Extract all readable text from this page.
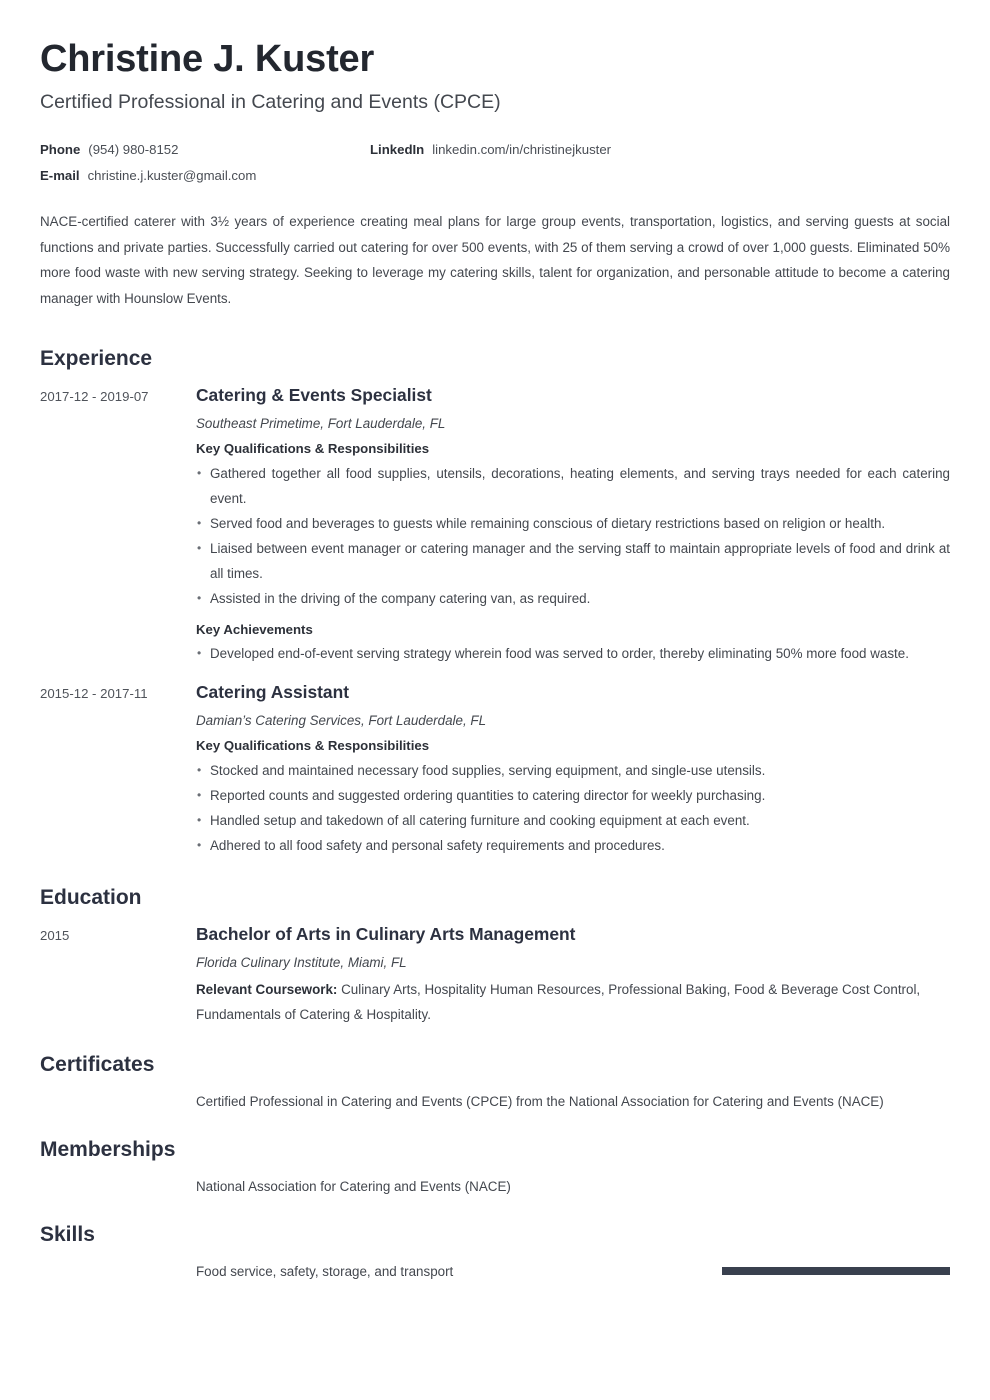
Christine J. Kuster
Certified Professional in Catering and Events (CPCE)
Phone (954) 980-8152	LinkedIn linkedin.com/in/christinejkuster
E-mail christine.j.kuster@gmail.com

NACE-certified caterer with 3½ years of experience creating meal plans for large group events, transportation, logistics, and serving guests at social functions and private parties. Successfully carried out catering for over 500 events, with 25 of them serving a crowd of over 1,000 guests. Eliminated 50% more food waste with new serving strategy. Seeking to leverage my catering skills, talent for organization, and personable attitude to become a catering manager with Hounslow Events.

Experience
2017-12 - 2019-07	Catering & Events Specialist
Southeast Primetime, Fort Lauderdale, FL
Key Qualifications & Responsibilities
• Gathered together all food supplies, utensils, decorations, heating elements, and serving trays needed for each catering event.
• Served food and beverages to guests while remaining conscious of dietary restrictions based on religion or health.
• Liaised between event manager or catering manager and the serving staff to maintain appropriate levels of food and drink at all times.
• Assisted in the driving of the company catering van, as required.
Key Achievements
• Developed end-of-event serving strategy wherein food was served to order, thereby eliminating 50% more food waste.
2015-12 - 2017-11	Catering Assistant
Damian’s Catering Services, Fort Lauderdale, FL
Key Qualifications & Responsibilities
• Stocked and maintained necessary food supplies, serving equipment, and single-use utensils.
• Reported counts and suggested ordering quantities to catering director for weekly purchasing.
• Handled setup and takedown of all catering furniture and cooking equipment at each event.
• Adhered to all food safety and personal safety requirements and procedures.
Education
2015	Bachelor of Arts in Culinary Arts Management
Florida Culinary Institute, Miami, FL

Relevant Coursework: Culinary Arts, Hospitality Human Resources, Professional Baking, Food & Beverage Cost Control, Fundamentals of Catering & Hospitality.

Certificates

Certified Professional in Catering and Events (CPCE) from the National Association for Catering and Events (NACE)

Memberships

National Association for Catering and Events (NACE)

Skills
Food service, safety, storage, and transport
